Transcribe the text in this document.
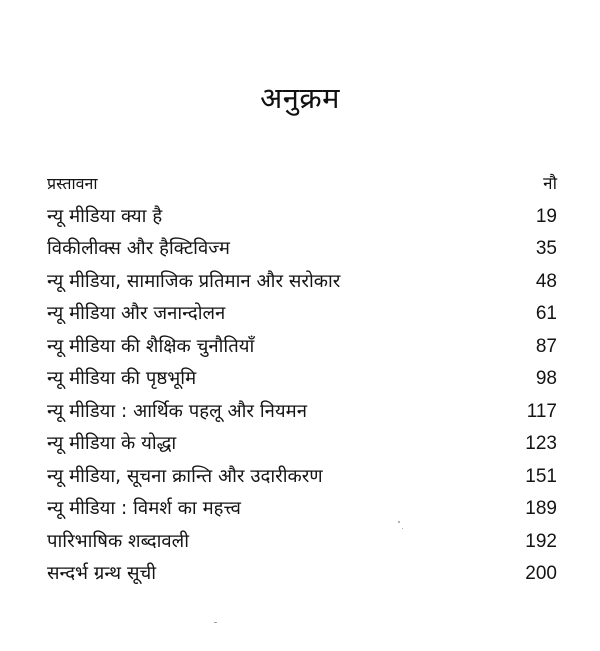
अनुक्रम
प्रस्तावना	नौ
न्यू मीडिया क्या है	19
विकीलीक्स और हैक्टिविज्म	35
न्यू मीडिया, सामाजिक प्रतिमान और सरोकार	48
न्यू मीडिया और जनान्दोलन	61
न्यू मीडिया की शैक्षिक चुनौतियाँ	87
न्यू मीडिया की पृष्ठभूमि	98
न्यू मीडिया : आर्थिक पहलू और नियमन	117
न्यू मीडिया के योद्धा	123
न्यू मीडिया, सूचना क्रान्ति और उदारीकरण	151
न्यू मीडिया : विमर्श का महत्त्व	189
पारिभाषिक शब्दावली	192
सन्दर्भ ग्रन्थ सूची	200
